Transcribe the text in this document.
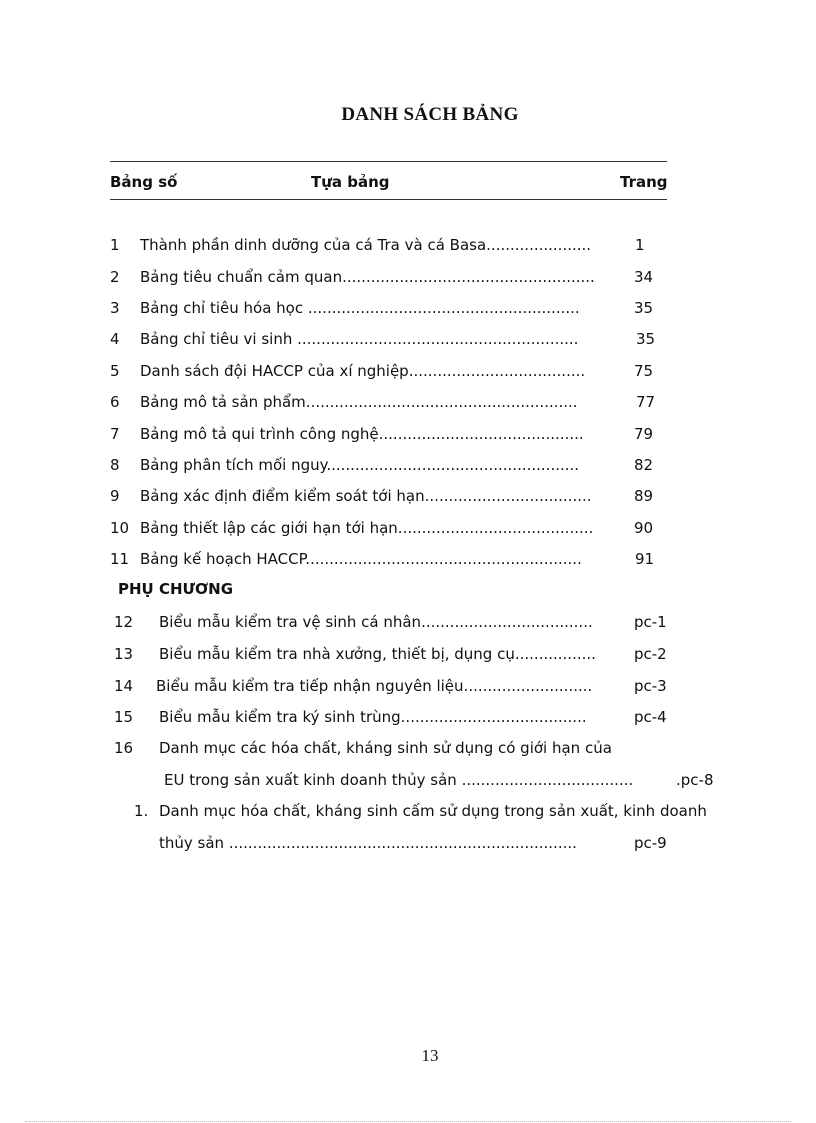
DANH SÁCH BẢNG
Bảng số	Tựa bảng	Trang
1 Thành phần dinh dưỡng của cá Tra và cá Basa......................	1
2 Bảng tiêu chuẩn cảm quan.....................................................	34
3 Bảng chỉ tiêu hóa học .........................................................	35
4 Bảng chỉ tiêu vi sinh ...........................................................	35
5 Danh sách đội HACCP của xí nghiệp.....................................	75
6 Bảng mô tả sản phẩm.........................................................	77
7 Bảng mô tả qui trình công nghệ...........................................	79
8 Bảng phân tích mối nguy.....................................................	82
9 Bảng xác định điểm kiểm soát tới hạn...................................	89
10 Bảng thiết lập các giới hạn tới hạn.........................................	90
11 Bảng kế hoạch HACCP..........................................................	91
PHỤ CHƯƠNG
12 Biểu mẫu kiểm tra vệ sinh cá nhân....................................	pc-1
13 Biểu mẫu kiểm tra nhà xưởng, thiết bị, dụng cụ.................	pc-2
14 Biểu mẫu kiểm tra tiếp nhận nguyên liệu...........................	pc-3
15 Biểu mẫu kiểm tra ký sinh trùng.......................................	pc-4
16 Danh mục các hóa chất, kháng sinh sử dụng có giới hạn của
EU trong sản xuất kinh doanh thủy sản ....................................	.pc-8
1. Danh mục hóa chất, kháng sinh cấm sử dụng trong sản xuất, kinh doanh
thủy sản .........................................................................	pc-9
13
